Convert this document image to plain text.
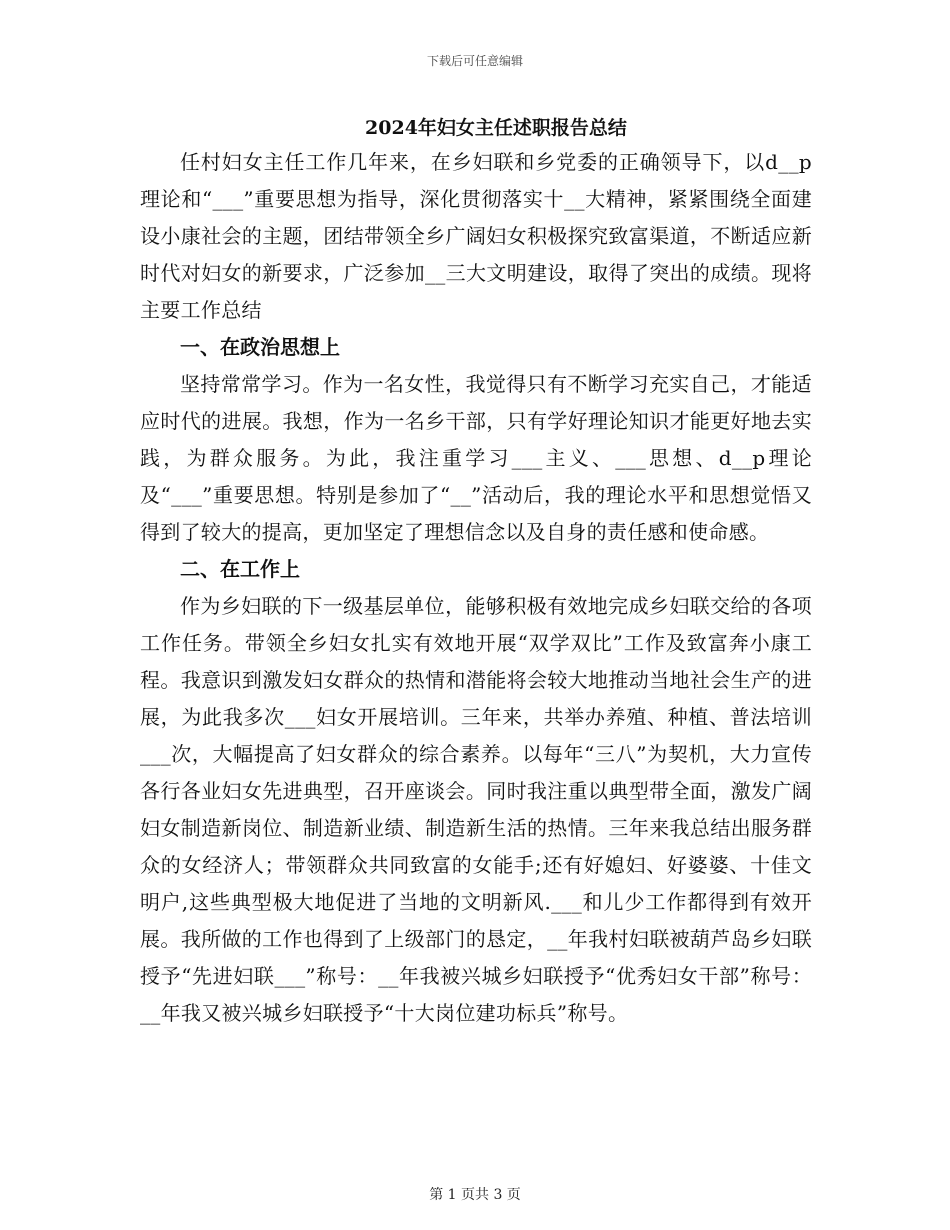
下载后可任意编辑
2024年妇女主任述职报告总结

任村妇女主任工作几年来，在乡妇联和乡党委的正确领导下，以d__p理论和“___”重要思想为指导，深化贯彻落实十__大精神，紧紧围绕全面建设小康社会的主题，团结带领全乡广阔妇女积极探究致富渠道，不断适应新时代对妇女的新要求，广泛参加__三大文明建设，取得了突出的成绩。现将主要工作总结

一、在政治思想上

坚持常常学习。作为一名女性，我觉得只有不断学习充实自己，才能适应时代的进展。我想，作为一名乡干部，只有学好理论知识才能更好地去实践，为群众服务。为此，我注重学习___主义、___思想、d__p理论及“___”重要思想。特别是参加了“__”活动后，我的理论水平和思想觉悟又得到了较大的提高，更加坚定了理想信念以及自身的责任感和使命感。

二、在工作上

作为乡妇联的下一级基层单位，能够积极有效地完成乡妇联交给的各项工作任务。带领全乡妇女扎实有效地开展“双学双比”工作及致富奔小康工程。我意识到激发妇女群众的热情和潜能将会较大地推动当地社会生产的进展，为此我多次___妇女开展培训。三年来，共举办养殖、种植、普法培训___次，大幅提高了妇女群众的综合素养。以每年“三八”为契机，大力宣传各行各业妇女先进典型，召开座谈会。同时我注重以典型带全面，激发广阔妇女制造新岗位、制造新业绩、制造新生活的热情。三年来我总结出服务群众的女经济人；带领群众共同致富的女能手;还有好媳妇、好婆婆、十佳文明户,这些典型极大地促进了当地的文明新风.___和儿少工作都得到有效开展。我所做的工作也得到了上级部门的恳定，__年我村妇联被葫芦岛乡妇联授予“先进妇联___”称号：__年我被兴城乡妇联授予“优秀妇女干部”称号：__年我又被兴城乡妇联授予“十大岗位建功标兵”称号。

第 1 页共 3 页
